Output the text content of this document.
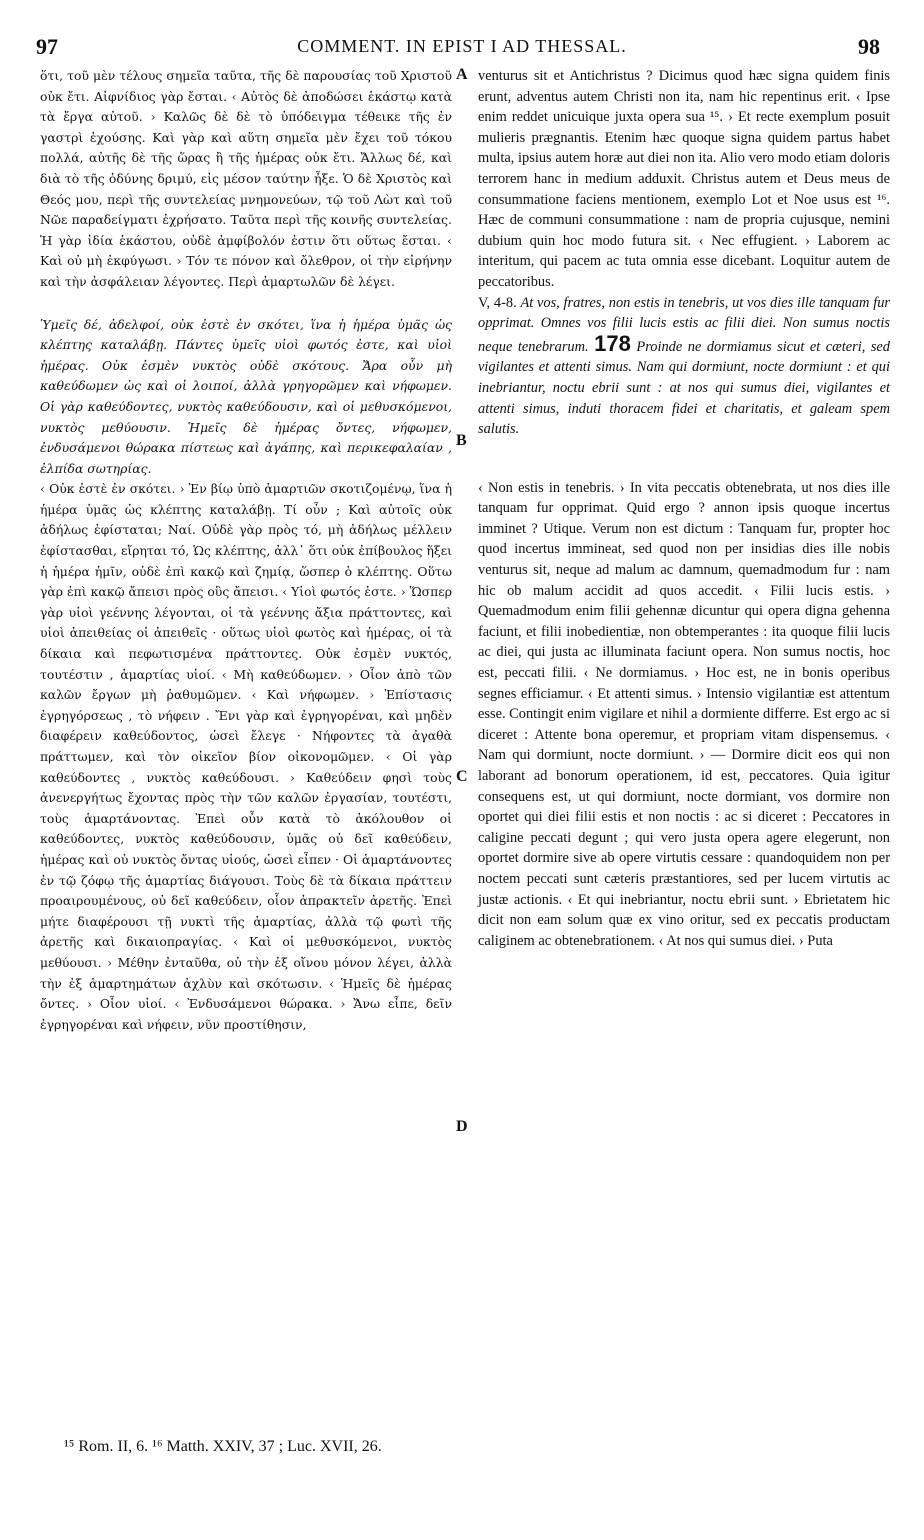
97	COMMENT. IN EPIST I AD THESSAL.	98
A
B
C
D

ὅτι, τοῦ μὲν τέλους σημεῖα ταῦτα, τῆς δὲ παρουσίας τοῦ Χριστοῦ οὐκ ἔτι. Αἰφνίδιος γὰρ ἔσται. ‹ Αὐτὸς δὲ ἀποδώσει ἑκάστῳ κατὰ τὰ ἔργα αὐτοῦ. › Καλῶς δὲ δὲ τὸ ὑπόδειγμα τέθεικε τῆς ἐν γαστρὶ ἐχούσης. Καὶ γὰρ καὶ αὕτη σημεῖα μὲν ἔχει τοῦ τόκου πολλά, αὐτῆς δὲ τῆς ὥρας ἢ τῆς ἡμέρας οὐκ ἔτι. Ἄλλως δέ, καὶ διὰ τὸ τῆς ὀδύνης δριμύ, εἰς μέσον ταύτην ἦξε. Ὁ δὲ Χριστὸς καὶ Θεός μου, περὶ τῆς συντελείας μνημονεύων, τῷ τοῦ Λὼτ καὶ τοῦ Νῶε παραδείγματι ἐχρήσατο. Ταῦτα περὶ τῆς κοινῆς συντελείας. Ἡ γὰρ ἰδία ἑκάστου, οὐδὲ ἀμφίβολόν ἐστιν ὅτι οὕτως ἔσται. ‹ Καὶ οὐ μὴ ἐκφύγωσι. › Τόν τε πόνον καὶ ὄλεθρον, οἱ τὴν εἰρήνην καὶ τὴν ἀσφάλειαν λέγοντες. Περὶ ἁμαρτωλῶν δὲ λέγει.

Ὑμεῖς δέ, ἀδελφοί, οὐκ ἐστὲ ἐν σκότει, ἵνα ἡ ἡμέρα ὑμᾶς ὡς κλέπτης καταλάβῃ. Πάντες ὑμεῖς υἱοὶ φωτός ἐστε, καὶ υἱοὶ ἡμέρας. Οὐκ ἐσμὲν νυκτὸς οὐδὲ σκότους. Ἄρα οὖν μὴ καθεύδωμεν ὡς καὶ οἱ λοιποί, ἀλλὰ γρηγορῶμεν καὶ νήφωμεν. Οἱ γὰρ καθεύδοντες, νυκτὸς καθεύδουσιν, καὶ οἱ μεθυσκόμενοι, νυκτὸς μεθύουσιν. Ἡμεῖς δὲ ἡμέρας ὄντες, νήφωμεν, ἐνδυσάμενοι θώρακα πίστεως καὶ ἀγάπης, καὶ περικεφαλαίαν , ἐλπίδα σωτηρίας.

‹ Οὐκ ἐστὲ ἐν σκότει. › Ἐν βίῳ ὑπὸ ἁμαρτιῶν σκοτιζομένῳ, ἵνα ἡ ἡμέρα ὑμᾶς ὡς κλέπτης καταλάβῃ. Τί οὖν ; Καὶ αὐτοῖς οὐκ ἀδήλως ἐφίσταται; Ναί. Οὐδὲ γὰρ πρὸς τό, μὴ ἀδήλως μέλλειν ἐφίστασθαι, εἴρηται τό, Ὡς κλέπτης, ἀλλ᾽ ὅτι οὐκ ἐπίβουλος ἥξει ἡ ἡμέρα ἡμῖν, οὐδὲ ἐπὶ κακῷ καὶ ζημίᾳ, ὥσπερ ὁ κλέπτης. Οὕτω γὰρ ἐπὶ κακῷ ἄπεισι πρὸς οὓς ἄπεισι. ‹ Υἱοὶ φωτός ἐστε. › Ὥσπερ γὰρ υἱοὶ γεέννης λέγονται, οἱ τὰ γεέννης ἄξια πράττοντες, καὶ υἱοὶ ἀπειθείας οἱ ἀπειθεῖς · οὕτως υἱοὶ φωτὸς καὶ ἡμέρας, οἱ τὰ δίκαια καὶ πεφωτισμένα πράττοντες. Οὐκ ἐσμὲν νυκτός, τουτέστιν , ἁμαρτίας υἱοί. ‹ Μὴ καθεύδωμεν. › Οἷον ἀπὸ τῶν καλῶν ἔργων μὴ ῥαθυμῶμεν. ‹ Καὶ νήφωμεν. › Ἐπίστασις ἐγρηγόρσεως , τὸ νήφειν . Ἔνι γὰρ καὶ ἐγρηγορέναι, καὶ μηδὲν διαφέρειν καθεύδοντος, ὡσεὶ ἔλεγε · Νήφοντες τὰ ἀγαθὰ πράττωμεν, καὶ τὸν οἰκεῖον βίον οἰκονομῶμεν. ‹ Οἱ γὰρ καθεύδοντες , νυκτὸς καθεύδουσι. › Καθεύδειν φησὶ τοὺς ἀνενεργήτως ἔχοντας πρὸς τὴν τῶν καλῶν ἐργασίαν, τουτέστι, τοὺς ἁμαρτάνοντας. Ἐπεὶ οὖν κατὰ τὸ ἀκόλουθον οἱ καθεύδοντες, νυκτὸς καθεύδουσιν, ὑμᾶς οὐ δεῖ καθεύδειν, ἡμέρας καὶ οὐ νυκτὸς ὄντας υἱούς, ὡσεὶ εἶπεν · Οἱ ἁμαρτάνοντες ἐν τῷ ζόφῳ τῆς ἁμαρτίας διάγουσι. Τοὺς δὲ τὰ δίκαια πράττειν προαιρουμένους, οὐ δεῖ καθεύδειν, οἷον ἀπρακτεῖν ἀρετῆς. Ἐπεὶ μήτε διαφέρουσι τῇ νυκτὶ τῆς ἁμαρτίας, ἀλλὰ τῷ φωτὶ τῆς ἀρετῆς καὶ δικαιοπραγίας. ‹ Καὶ οἱ μεθυσκόμενοι, νυκτὸς μεθύουσι. › Μέθην ἐνταῦθα, οὐ τὴν ἐξ οἴνου μόνον λέγει, ἀλλὰ τὴν ἐξ ἁμαρτημάτων ἀχλὺν καὶ σκότωσιν. ‹ Ἡμεῖς δὲ ἡμέρας ὄντες. › Οἷον υἱοί. ‹ Ἐνδυσάμενοι θώρακα. › Ἄνω εἶπε, δεῖν ἐγρηγορέναι καὶ νήφειν, νῦν προστίθησιν,

venturus sit et Antichristus ? Dicimus quod hæc signa quidem finis erunt, adventus autem Christi non ita, nam hic repentinus erit. ‹ Ipse enim reddet unicuique juxta opera sua ¹⁵. › Et recte exemplum posuit mulieris prægnantis. Etenim hæc quoque signa quidem partus habet multa, ipsius autem horæ aut diei non ita. Alio vero modo etiam doloris terrorem hanc in medium adduxit. Christus autem et Deus meus de consummatione faciens mentionem, exemplo Lot et Noe usus est ¹⁶. Hæc de communi consummatione : nam de propria cujusque, nemini dubium quin hoc modo futura sit. ‹ Nec effugient. › Laborem ac interitum, qui pacem ac tuta omnia esse dicebant. Loquitur autem de peccatoribus.

V, 4-8. At vos, fratres, non estis in tenebris, ut vos dies ille tanquam fur opprimat. Omnes vos filii lucis estis ac filii diei. Non sumus noctis neque tenebrarum. 178 Proinde ne dormiamus sicut et cæteri, sed vigilantes et attenti simus. Nam qui dormiunt, nocte dormiunt : et qui inebriantur, noctu ebrii sunt : at nos qui sumus diei, vigilantes et attenti simus, induti thoracem fidei et charitatis, et galeam spem salutis.

‹ Non estis in tenebris. › In vita peccatis obtenebrata, ut nos dies ille tanquam fur opprimat. Quid ergo ? annon ipsis quoque incertus imminet ? Utique. Verum non est dictum : Tanquam fur, propter hoc quod incertus immineat, sed quod non per insidias dies ille nobis venturus sit, neque ad malum ac damnum, quemadmodum fur : nam hic ob malum accidit ad quos accedit. ‹ Filii lucis estis. › Quemadmodum enim filii gehennæ dicuntur qui opera digna gehenna faciunt, et filii inobedientiæ, non obtemperantes : ita quoque filii lucis ac diei, qui justa ac illuminata faciunt opera. Non sumus noctis, hoc est, peccati filii. ‹ Ne dormiamus. › Hoc est, ne in bonis operibus segnes efficiamur. ‹ Et attenti simus. › Intensio vigilantiæ est attentum esse. Contingit enim vigilare et nihil a dormiente differre. Est ergo ac si diceret : Attente bona operemur, et propriam vitam dispensemus. ‹ Nam qui dormiunt, nocte dormiunt. › — Dormire dicit eos qui non laborant ad bonorum operationem, id est, peccatores. Quia igitur consequens est, ut qui dormiunt, nocte dormiant, vos dormire non oportet qui diei filii estis et non noctis : ac si diceret : Peccatores in caligine peccati degunt ; qui vero justa opera agere elegerunt, non oportet dormire sive ab opere virtutis cessare : quandoquidem non per noctem peccati sunt cæteris præstantiores, sed per lucem virtutis ac justæ actionis. ‹ Et qui inebriantur, noctu ebrii sunt. › Ebrietatem hic dicit non eam solum quæ ex vino oritur, sed ex peccatis productam caliginem ac obtenebrationem. ‹ At nos qui sumus diei. › Puta

¹⁵ Rom. II, 6. ¹⁶ Matth. XXIV, 37 ; Luc. XVII, 26.
